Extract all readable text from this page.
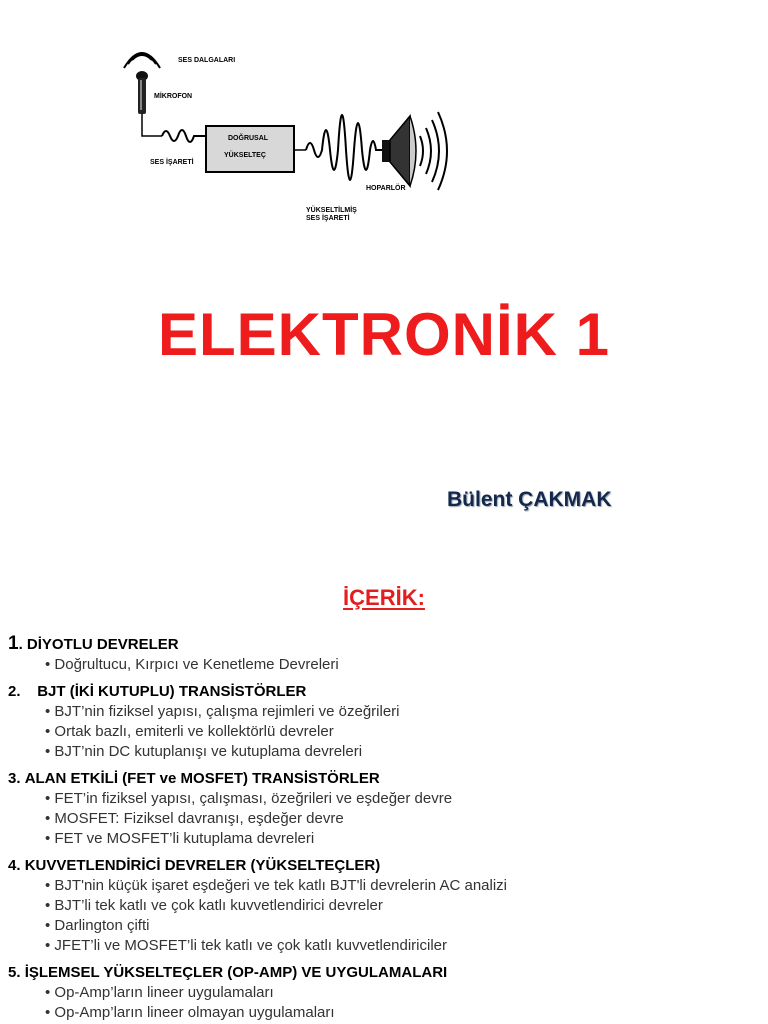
SES DALGALARI
MİKROFON
SES İŞARETİ
DOĞRUSAL
YÜKSELTEÇ
YÜKSELTİLMİŞ
SES İŞARETİ
HOPARLÖR
ELEKTRONİK 1
Bülent ÇAKMAK
İÇERİK:
1. DİYOTLU DEVRELER
• Doğrultucu, Kırpıcı ve Kenetleme Devreleri
2. BJT (İKİ KUTUPLU) TRANSİSTÖRLER
• BJT’nin fiziksel yapısı, çalışma rejimleri ve özeğrileri
• Ortak bazlı, emiterli ve kollektörlü devreler
• BJT’nin DC kutuplanışı ve kutuplama devreleri
3. ALAN ETKİLİ (FET ve MOSFET) TRANSİSTÖRLER
• FET’in fiziksel yapısı, çalışması, özeğrileri ve eşdeğer devre
• MOSFET: Fiziksel davranışı, eşdeğer devre
• FET ve MOSFET’li kutuplama devreleri
4. KUVVETLENDİRİCİ DEVRELER (YÜKSELTEÇLER)
• BJT'nin küçük işaret eşdeğeri ve tek katlı BJT'li devrelerin AC analizi
• BJT’li tek katlı ve çok katlı kuvvetlendirici devreler
• Darlington çifti
• JFET’li ve MOSFET’li tek katlı ve çok katlı kuvvetlendiriciler
5. İŞLEMSEL YÜKSELTEÇLER (OP-AMP) VE UYGULAMALARI
• Op-Amp’ların lineer uygulamaları
• Op-Amp’ların lineer olmayan uygulamaları
